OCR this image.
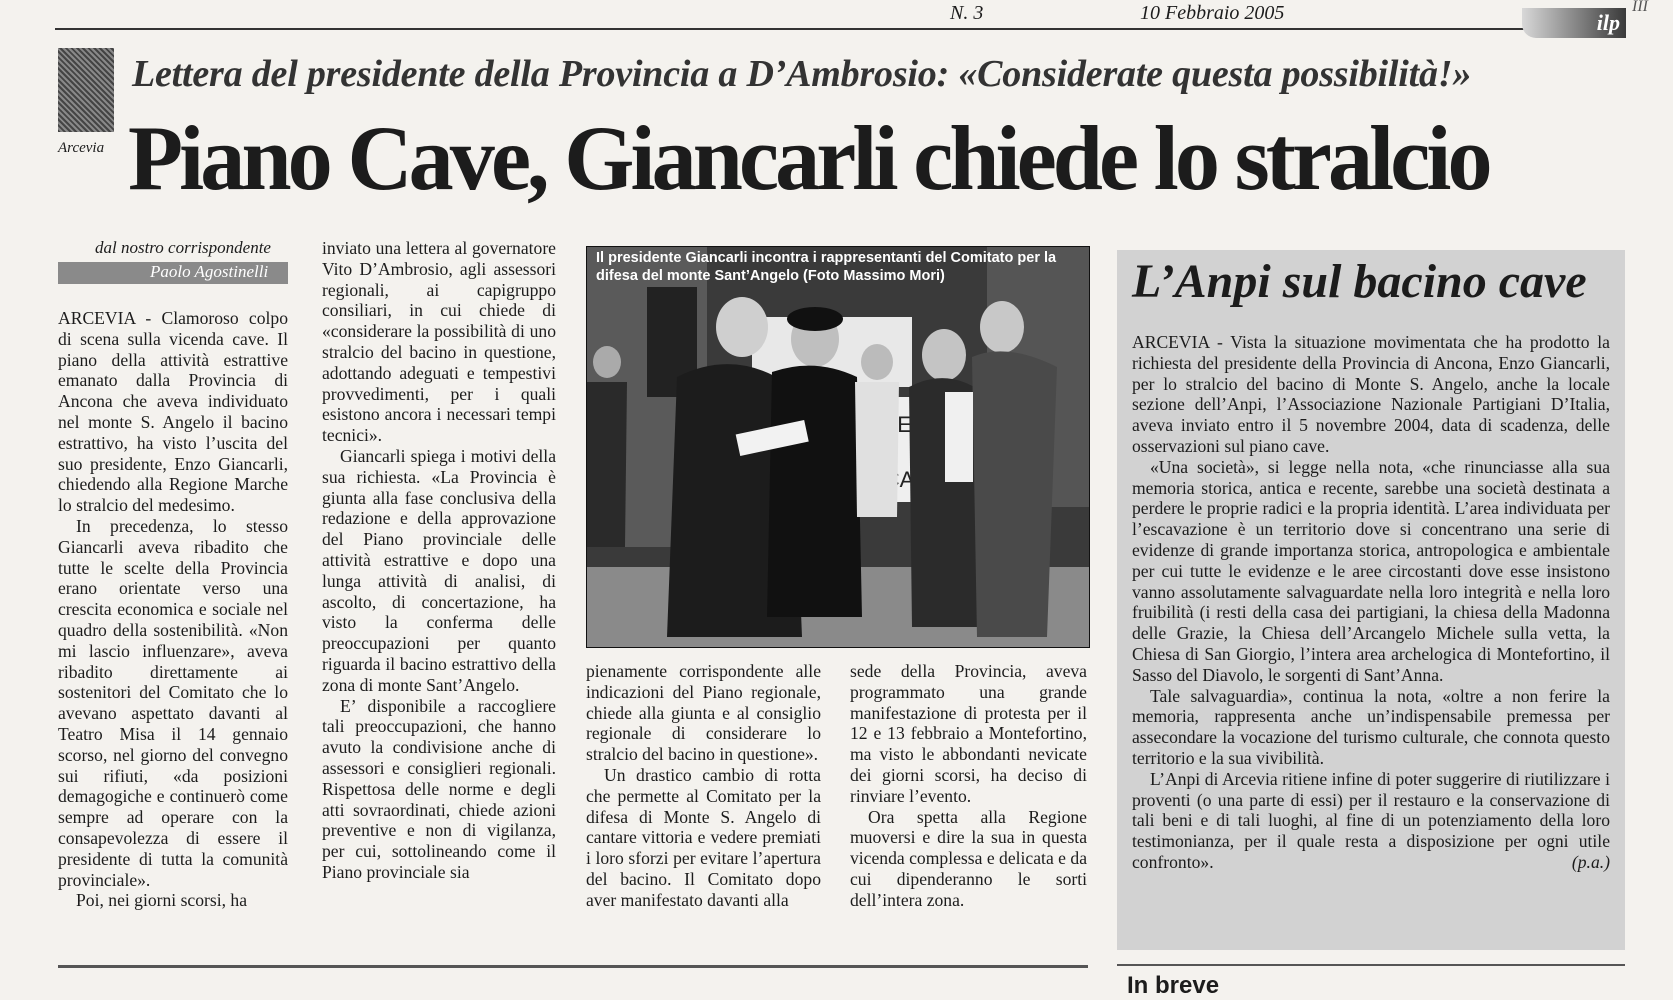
N. 3	10 Febbraio 2005	III
ilp
Arcevia
Lettera del presidente della Provincia a D’Ambrosio: «Considerate questa possibilità!»
Piano Cave, Giancarli chiede lo stralcio
dal nostro corrispondente
Paolo Agostinelli

ARCEVIA - Clamoroso colpo di scena sulla vicenda cave. Il piano della attività estrattive emanato dalla Provincia di Ancona che aveva individuato nel monte S. Angelo il bacino estrattivo, ha visto l’uscita del suo presidente, Enzo Giancarli, chiedendo alla Regione Marche lo stralcio del medesimo.

In precedenza, lo stesso Giancarli aveva ribadito che tutte le scelte della Provincia erano orientate verso una crescita economica e sociale nel quadro della sostenibilità. «Non mi lascio influenzare», aveva ribadito direttamente ai sostenitori del Comitato che lo avevano aspettato davanti al Teatro Misa il 14 gennaio scorso, nel giorno del convegno sui rifiuti, «da posizioni demagogiche e continuerò come sempre ad operare con la consapevolezza di essere il presidente di tutta la comunità provinciale».

Poi, nei giorni scorsi, ha

inviato una lettera al governatore Vito D’Ambrosio, agli assessori regionali, ai capigruppo consiliari, in cui chiede di «considerare la possibilità di uno stralcio del bacino in questione, adottando adeguati e tempestivi provvedimenti, per i quali esistono ancora i necessari tempi tecnici».

Giancarli spiega i motivi della sua richiesta. «La Provincia è giunta alla fase conclusiva della redazione e della approvazione del Piano provinciale delle attività estrattive e dopo una lunga attività di analisi, di ascolto, di concertazione, ha visto la conferma delle preoccupazioni per quanto riguarda il bacino estrattivo della zona di monte Sant’Angelo.

E’ disponibile a raccogliere tali preoccupazioni, che hanno avuto la condivisione anche di assessori e consiglieri regionali. Rispettosa delle norme e degli atti sovraordinati, chiede azioni preventive e non di vigilanza, per cui, sottolineando come il Piano provinciale sia

Il presidente Giancarli incontra i rappresentanti del Comitato per la difesa del monte Sant’Angelo (Foto Massimo Mori)

pienamente corrispondente alle indicazioni del Piano regionale, chiede alla giunta e al consiglio regionale di considerare lo stralcio del bacino in questione».

Un drastico cambio di rotta che permette al Comitato per la difesa di Monte S. Angelo di cantare vittoria e vedere premiati i loro sforzi per evitare l’apertura del bacino. Il Comitato dopo aver manifestato davanti alla

sede della Provincia, aveva programmato una grande manifestazione di protesta per il 12 e 13 febbraio a Montefortino, ma visto le abbondanti nevicate dei giorni scorsi, ha deciso di rinviare l’evento.

Ora spetta alla Regione muoversi e dire la sua in questa vicenda complessa e delicata e da cui dipenderanno le sorti dell’intera zona.

L’Anpi sul bacino cave

ARCEVIA - Vista la situazione movimentata che ha prodotto la richiesta del presidente della Provincia di Ancona, Enzo Giancarli, per lo stralcio del bacino di Monte S. Angelo, anche la locale sezione dell’Anpi, l’Associazione Nazionale Partigiani D’Italia, aveva inviato entro il 5 novembre 2004, data di scadenza, delle osservazioni sul piano cave.

«Una società», si legge nella nota, «che rinunciasse alla sua memoria storica, antica e recente, sarebbe una società destinata a perdere le proprie radici e la propria identità. L’area individuata per l’escavazione è un territorio dove si concentrano una serie di evidenze di grande importanza storica, antropologica e ambientale per cui tutte le evidenze e le aree circostanti dove esse insistono vanno assolutamente salvaguardate nella loro integrità e nella loro fruibilità (i resti della casa dei partigiani, la chiesa della Madonna delle Grazie, la Chiesa dell’Arcangelo Michele sulla vetta, la Chiesa di San Giorgio, l’intera area archelogica di Montefortino, il Sasso del Diavolo, le sorgenti di Sant’Anna.

Tale salvaguardia», continua la nota, «oltre a non ferire la memoria, rappresenta anche un’indispensabile premessa per assecondare la vocazione del turismo culturale, che connota questo territorio e la sua vivibilità.

L’Anpi di Arcevia ritiene infine di poter suggerire di riutilizzare i proventi (o una parte di essi) per il restauro e la conservazione di tali beni e di tali luoghi, al fine di un potenziamento della loro testimonianza, per il quale resta a disposizione per ogni utile confronto».	(p.a.)

In breve
